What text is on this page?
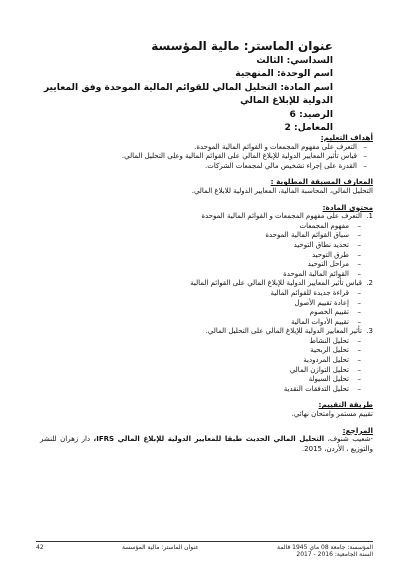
عنوان الماستر: مالية المؤسسة
السداسي: الثالث
اسم الوحدة: المنهجية
اسم المادة: التحليل المالي للقوائم المالية الموحدة وفق المعايير الدولية للإبلاغ المالي
الرصيد: 6
المعامل: 2
أهداف التعليم:
– التعرف على مفهوم المجمعات و القوائم المالية الموحدة.
– قياس تأثير المعايير الدولية للإبلاغ المالي على القوائم المالية وعلى التحليل المالي.
– القدرة على إجراء تشخيص مالي لمجمعات الشركات.
المعارف المسبقة المطلوبة :
التحليل المالي، المحاسبة المالية، المعايير الدولية للابلاغ المالي.
محتوى المادة:
1.
التعرف على مفهوم المجمعات و القوائم المالية الموحدة
– مفهوم المجمعات
– سياق القوائم المالية الموحدة
– تحديد نطاق التوحيد
– طرق التوحيد
– مراحل التوحيد
– القوائم المالية الموحدة
2.
قياس تأثير المعايير الدولية للإبلاغ المالي على القوائم المالية
– قراءة جديدة للقوائم المالية
– إعادة تقييم الأصول
– تقييم الخصوم
– تقييم الأدوات المالية
3.
تأثير المعايير الدولية للإبلاغ المالي على التحليل المالي.
– تحليل النشاط
– تحليل الربحية
– تحليل المردودية
– تحليل التوازن المالي
– تحليل السيولة
– تحليل التدفقات النقدية
طريقة التقييم:
تقييم مستمر وامتحان نهائي.
المراجع:
-شعيب شنوف، التحليل المالي الحديث طبقا للمعايير الدولية للإبلاغ المالي IFRS، دار زهران للنشر والتوزيع ، الأردن، 2015.
المؤسسة: جامعة 08 ماي 1945 قالمة
عنوان الماستر: مالية المؤسسة
42
السنة الجامعية: 2016 - 2017
